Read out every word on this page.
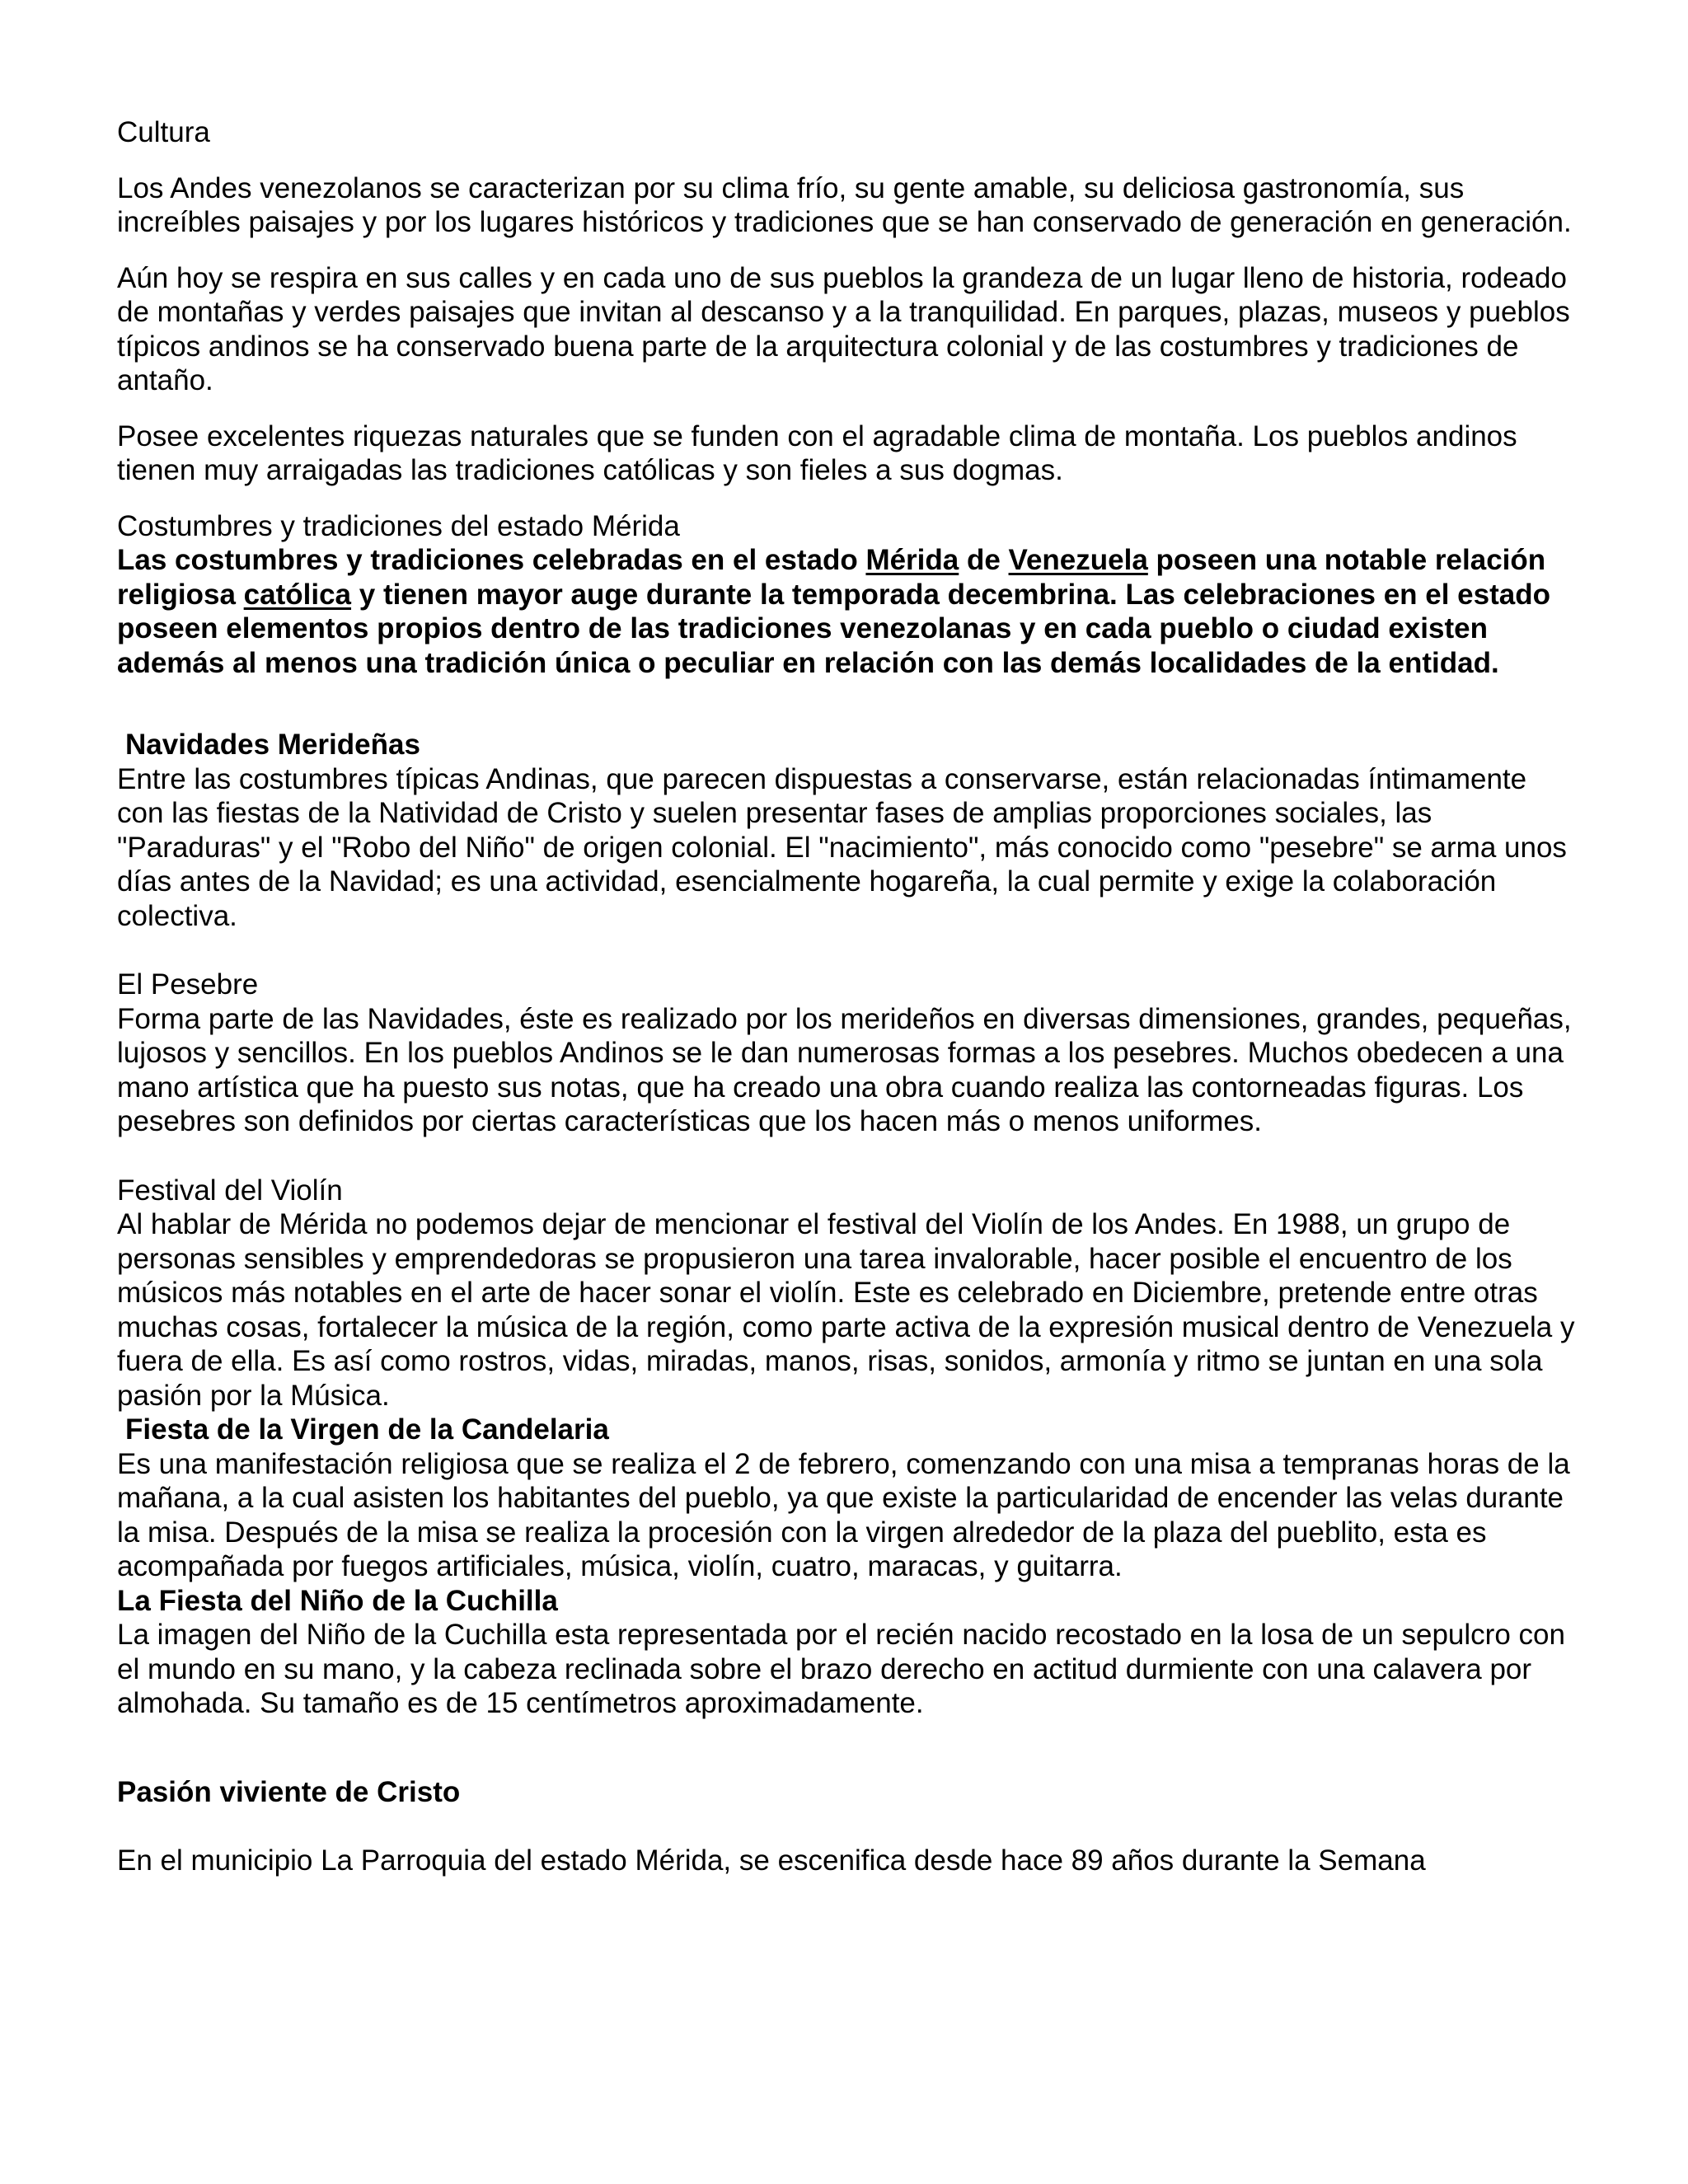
Cultura

Los Andes venezolanos se caracterizan por su clima frío, su gente amable, su deliciosa gastronomía, sus increíbles paisajes y por los lugares históricos y tradiciones que se han conservado de generación en generación.

Aún hoy se respira en sus calles y en cada uno de sus pueblos la grandeza de un lugar lleno de historia, rodeado de montañas y verdes paisajes que invitan al descanso y a la tranquilidad. En parques, plazas, museos y pueblos típicos andinos se ha conservado buena parte de la arquitectura colonial y de las costumbres y tradiciones de antaño.

Posee excelentes riquezas naturales que se funden con el agradable clima de montaña. Los pueblos andinos tienen muy arraigadas las tradiciones católicas y son fieles a sus dogmas.

Costumbres y tradiciones del estado Mérida

Las costumbres y tradiciones celebradas en el estado Mérida de Venezuela poseen una notable relación religiosa católica y tienen mayor auge durante la temporada decembrina. Las celebraciones en el estado poseen elementos propios dentro de las tradiciones venezolanas y en cada pueblo o ciudad existen además al menos una tradición única o peculiar en relación con las demás localidades de la entidad.

Navidades Merideñas

Entre las costumbres típicas Andinas, que parecen dispuestas a conservarse, están relacionadas íntimamente con las fiestas de la Natividad de Cristo y suelen presentar fases de amplias proporciones sociales, las "Paraduras" y el "Robo del Niño" de origen colonial. El "nacimiento", más conocido como "pesebre" se arma unos días antes de la Navidad; es una actividad, esencialmente hogareña, la cual permite y exige la colaboración colectiva.

El Pesebre

Forma parte de las Navidades, éste es realizado por los merideños en diversas dimensiones, grandes, pequeñas, lujosos y sencillos. En los pueblos Andinos se le dan numerosas formas a los pesebres. Muchos obedecen a una mano artística que ha puesto sus notas, que ha creado una obra cuando realiza las contorneadas figuras. Los pesebres son definidos por ciertas características que los hacen más o menos uniformes.

Festival del Violín

Al hablar de Mérida no podemos dejar de mencionar el festival del Violín de los Andes. En 1988, un grupo de personas sensibles y emprendedoras se propusieron una tarea invalorable, hacer posible el encuentro de los músicos más notables en el arte de hacer sonar el violín. Este es celebrado en Diciembre, pretende entre otras muchas cosas, fortalecer la música de la región, como parte activa de la expresión musical dentro de Venezuela y fuera de ella. Es así como rostros, vidas, miradas, manos, risas, sonidos, armonía y ritmo se juntan en una sola pasión por la Música.

Fiesta de la Virgen de la Candelaria

Es una manifestación religiosa que se realiza el 2 de febrero, comenzando con una misa a tempranas horas de la mañana, a la cual asisten los habitantes del pueblo, ya que existe la particularidad de encender las velas durante la misa. Después de la misa se realiza la procesión con la virgen alrededor de la plaza del pueblito, esta es acompañada por fuegos artificiales, música, violín, cuatro, maracas, y guitarra.

La Fiesta del Niño de la Cuchilla

La imagen del Niño de la Cuchilla esta representada por el recién nacido recostado en la losa de un sepulcro con el mundo en su mano, y la cabeza reclinada sobre el brazo derecho en actitud durmiente con una calavera por almohada. Su tamaño es de 15 centímetros aproximadamente.

Pasión viviente de Cristo

En el municipio La Parroquia del estado Mérida, se escenifica desde hace 89 años durante la Semana
